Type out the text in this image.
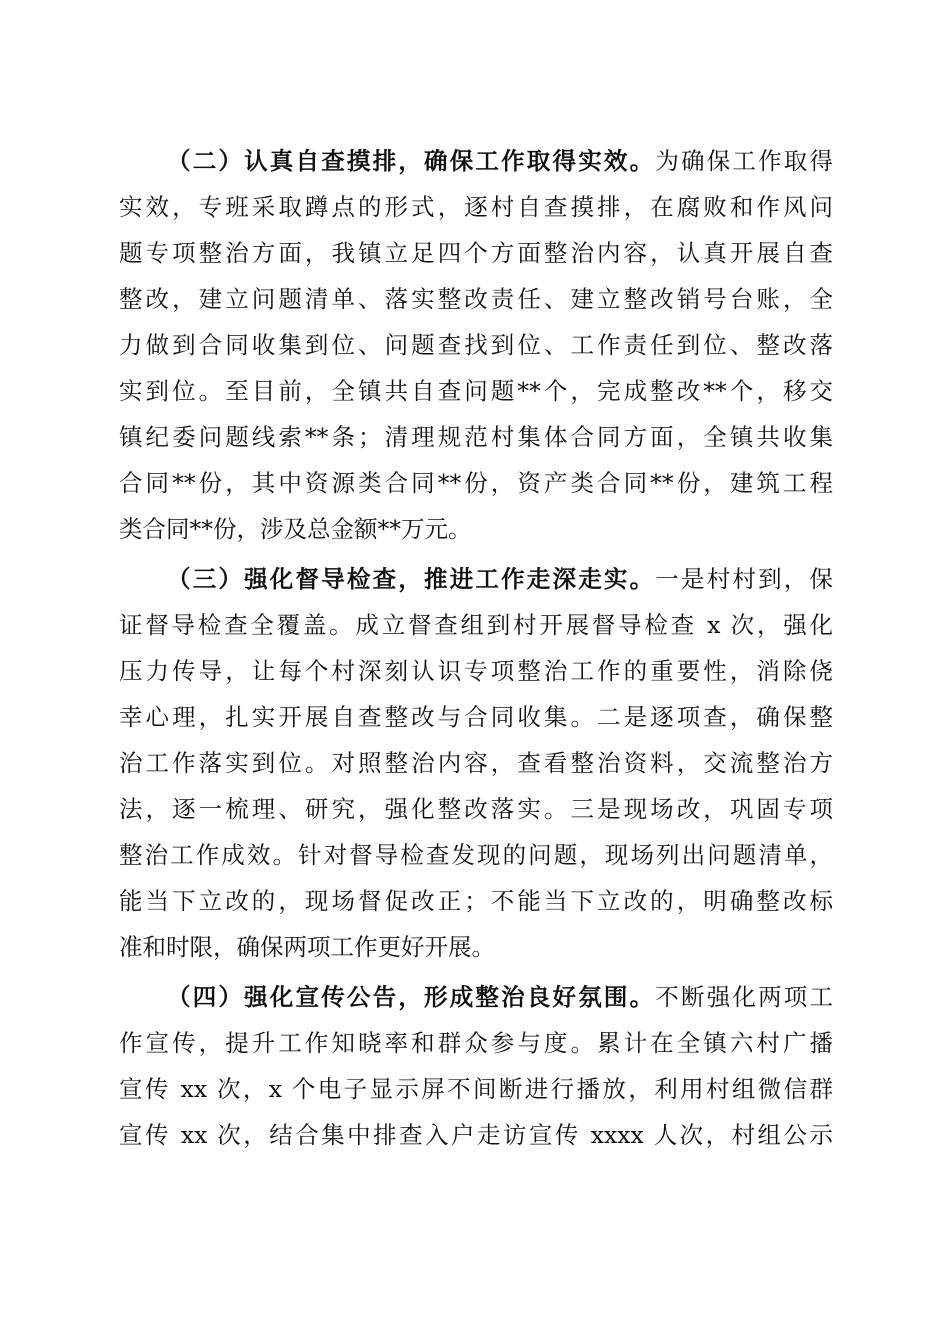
（二）认真自查摸排，确保工作取得实效。为确保工作取得
实效，专班采取蹲点的形式，逐村自查摸排，在腐败和作风问
题专项整治方面，我镇立足四个方面整治内容，认真开展自查
整改，建立问题清单、落实整改责任、建立整改销号台账，全
力做到合同收集到位、问题查找到位、工作责任到位、整改落
实到位。至目前，全镇共自查问题**个，完成整改**个，移交
镇纪委问题线索**条；清理规范村集体合同方面，全镇共收集
合同**份，其中资源类合同**份，资产类合同**份，建筑工程
类合同**份，涉及总金额**万元。
（三）强化督导检查，推进工作走深走实。一是村村到，保
证督导检查全覆盖。成立督查组到村开展督导检查 x 次，强化
压力传导，让每个村深刻认识专项整治工作的重要性，消除侥
幸心理，扎实开展自查整改与合同收集。二是逐项查，确保整
治工作落实到位。对照整治内容，查看整治资料，交流整治方
法，逐一梳理、研究，强化整改落实。三是现场改，巩固专项
整治工作成效。针对督导检查发现的问题，现场列出问题清单，
能当下立改的，现场督促改正；不能当下立改的，明确整改标
准和时限，确保两项工作更好开展。
（四）强化宣传公告，形成整治良好氛围。不断强化两项工
作宣传，提升工作知晓率和群众参与度。累计在全镇六村广播
宣传 xx 次，x 个电子显示屏不间断进行播放，利用村组微信群
宣传 xx 次，结合集中排查入户走访宣传 xxxx 人次，村组公示
